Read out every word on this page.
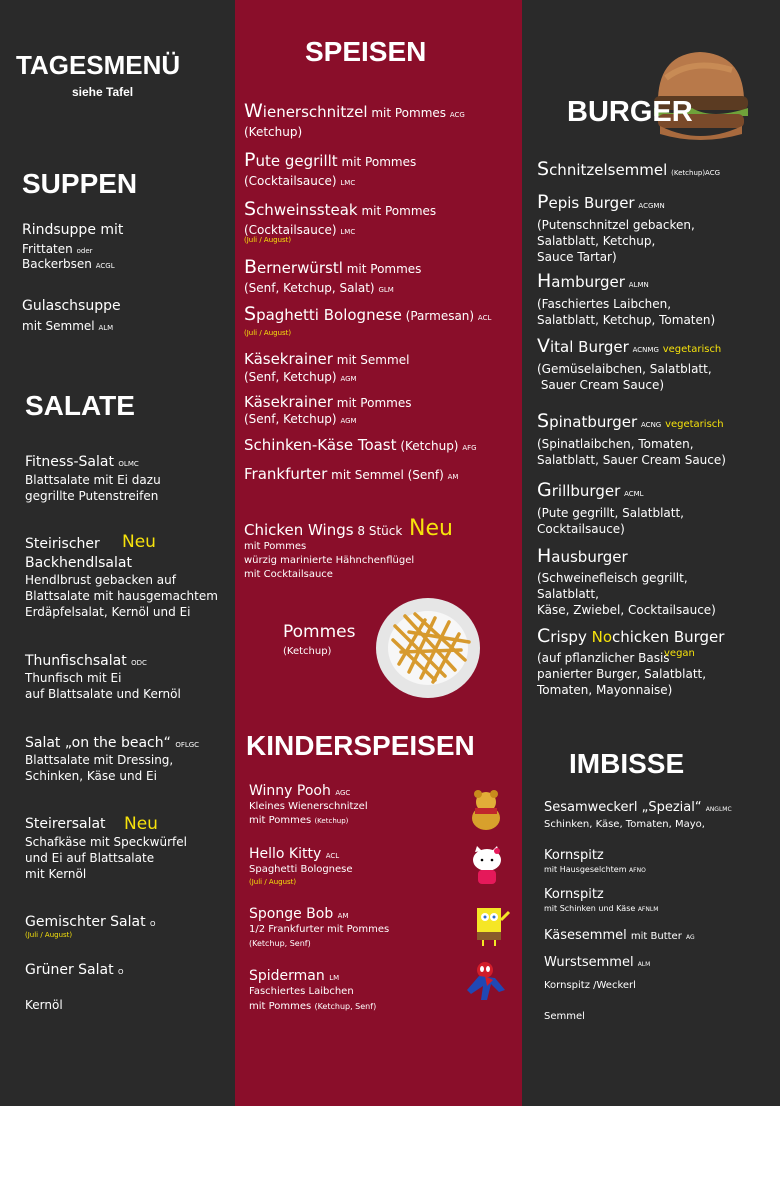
TAGESMENÜ
siehe Tafel
SUPPEN
Rindsuppe mit
Frittaten oder
Backerbsen ACGL
Gulaschsuppe
mit Semmel ALM
SALATE
Fitness-Salat OLMC
Blattsalate mit Ei dazu
gegrillte Putenstreifen
Steirischer Neu
Backhendlsalat
Hendlbrust gebacken auf
Blattsalate mit hausgemachtem
Erdäpfelsalat, Kernöl und Ei
Thunfischsalat ODC
Thunfisch mit Ei
auf Blattsalate und Kernöl
Salat „on the beach“ OFLGC
Blattsalate mit Dressing,
Schinken, Käse und Ei
Steirersalat Neu
Schafkäse mit Speckwürfel
und Ei auf Blattsalate
mit Kernöl
Gemischter Salat O
(Juli / August)
Grüner Salat O
Kernöl
SPEISEN
Wienerschnitzel mit Pommes ACG
(Ketchup)
Pute gegrillt mit Pommes
(Cocktailsauce) LMC
Schweinssteak mit Pommes
(Cocktailsauce) LMC
(Juli / August)
Bernerwürstl mit Pommes
(Senf, Ketchup, Salat) GLM
Spaghetti Bolognese (Parmesan) ACL
(Juli / August)
Käsekrainer mit Semmel
(Senf, Ketchup) AGM
Käsekrainer mit Pommes
(Senf, Ketchup) AGM
Schinken-Käse Toast (Ketchup) AFG
Frankfurter mit Semmel (Senf) AM
Chicken Wings 8 Stück Neu
mit Pommes
würzig marinierte Hähnchenflügel
mit Cocktailsauce
Pommes
(Ketchup)
KINDERSPEISEN
Winny Pooh AGC
Kleines Wienerschnitzel
mit Pommes (Ketchup)
Hello Kitty ACL
Spaghetti Bolognese
(Juli / August)
Sponge Bob AM
1/2 Frankfurter mit Pommes
(Ketchup, Senf)
Spiderman LM
Faschiertes Laibchen
mit Pommes (Ketchup, Senf)
BURGER
Schnitzelsemmel (Ketchup)ACG
Pepis Burger ACGMN
(Putenschnitzel gebacken,
Salatblatt, Ketchup,
Sauce Tartar)
Hamburger ALMN
(Faschiertes Laibchen,
Salatblatt, Ketchup, Tomaten)
Vital Burger ACNMG vegetarisch
(Gemüselaibchen, Salatblatt,
Sauer Cream Sauce)
Spinatburger ACNG vegetarisch
(Spinatlaibchen, Tomaten,
Salatblatt, Sauer Cream Sauce)
Grillburger ACML
(Pute gegrillt, Salatblatt,
Cocktailsauce)
Hausburger
(Schweinefleisch gegrillt,
Salatblatt,
Käse, Zwiebel, Cocktailsauce)
Crispy Nochicken Burger
(auf pflanzlicher Basis
vegan
panierter Burger, Salatblatt,
Tomaten, Mayonnaise)
IMBISSE
Sesamweckerl „Spezial“ ANGLMC
Schinken, Käse, Tomaten, Mayo,
Kornspitz
mit Hausgeselchtem AFNO
Kornspitz
mit Schinken und Käse AFNLM
Käsesemmel mit Butter AG
Wurstsemmel ALM
Kornspitz /Weckerl
Semmel
